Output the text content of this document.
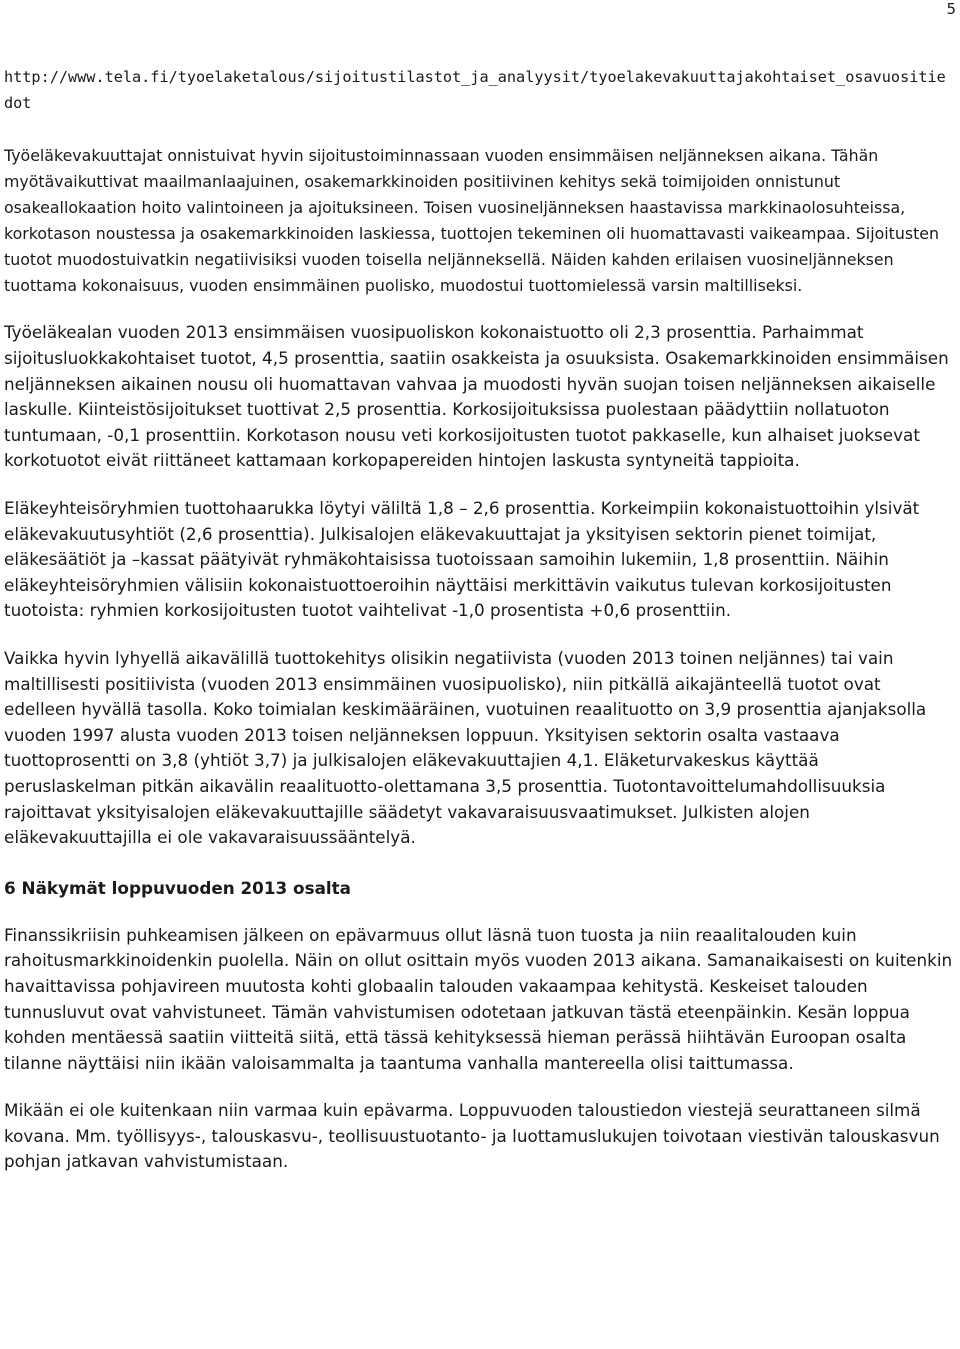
5
http://www.tela.fi/tyoelaketalous/sijoitustilastot_ja_analyysit/tyoelakevakuuttajakohtaiset_osavuositiedot

Työeläkevakuuttajat onnistuivat hyvin sijoitustoiminnassaan vuoden ensimmäisen neljänneksen aikana. Tähän myötävaikuttivat maailmanlaajuinen, osakemarkkinoiden positiivinen kehitys sekä toimijoiden onnistunut osakeallokaation hoito valintoineen ja ajoituksineen. Toisen vuosineljänneksen haastavissa markkinaolosuhteissa, korkotason noustessa ja osakemarkkinoiden laskiessa, tuottojen tekeminen oli huomattavasti vaikeampaa. Sijoitusten tuotot muodostuivatkin negatiivisiksi vuoden toisella neljänneksellä. Näiden kahden erilaisen vuosineljänneksen tuottama kokonaisuus, vuoden ensimmäinen puolisko, muodostui tuottomielessä varsin maltilliseksi.

Työeläkealan vuoden 2013 ensimmäisen vuosipuoliskon kokonaistuotto oli 2,3 prosenttia. Parhaimmat sijoitusluokkakohtaiset tuotot, 4,5 prosenttia, saatiin osakkeista ja osuuksista. Osakemarkkinoiden ensimmäisen neljänneksen aikainen nousu oli huomattavan vahvaa ja muodosti hyvän suojan toisen neljänneksen aikaiselle laskulle. Kiinteistösijoitukset tuottivat 2,5 prosenttia. Korkosijoituksissa puolestaan päädyttiin nollatuoton tuntumaan, -0,1 prosenttiin. Korkotason nousu veti korkosijoitusten tuotot pakkaselle, kun alhaiset juoksevat korkotuotot eivät riittäneet kattamaan korkopapereiden hintojen laskusta syntyneitä tappioita.

Eläkeyhteisöryhmien tuottohaarukka löytyi väliltä 1,8 – 2,6 prosenttia. Korkeimpiin kokonaistuottoihin ylsivät eläkevakuutusyhtiöt (2,6 prosenttia). Julkisalojen eläkevakuuttajat ja yksityisen sektorin pienet toimijat, eläkesäätiöt ja –kassat päätyivät ryhmäkohtaisissa tuotoissaan samoihin lukemiin, 1,8 prosenttiin. Näihin eläkeyhteisöryhmien välisiin kokonaistuottoeroihin näyttäisi merkittävin vaikutus tulevan korkosijoitusten tuotoista: ryhmien korkosijoitusten tuotot vaihtelivat -1,0 prosentista +0,6 prosenttiin.

Vaikka hyvin lyhyellä aikavälillä tuottokehitys olisikin negatiivista (vuoden 2013 toinen neljännes) tai vain maltillisesti positiivista (vuoden 2013 ensimmäinen vuosipuolisko), niin pitkällä aikajänteellä tuotot ovat edelleen hyvällä tasolla. Koko toimialan keskimääräinen, vuotuinen reaalituotto on 3,9 prosenttia ajanjaksolla vuoden 1997 alusta vuoden 2013 toisen neljänneksen loppuun. Yksityisen sektorin osalta vastaava tuottoprosentti on 3,8 (yhtiöt 3,7) ja julkisalojen eläkevakuuttajien 4,1. Eläketurvakeskus käyttää peruslaskelman pitkän aikavälin reaalituotto-olettamana 3,5 prosenttia. Tuotontavoittelumahdollisuuksia rajoittavat yksityisalojen eläkevakuuttajille säädetyt vakavaraisuusvaatimukset. Julkisten alojen eläkevakuuttajilla ei ole vakavaraisuussääntelyä.

6 Näkymät loppuvuoden 2013 osalta

Finanssikriisin puhkeamisen jälkeen on epävarmuus ollut läsnä tuon tuosta ja niin reaalitalouden kuin rahoitusmarkkinoidenkin puolella. Näin on ollut osittain myös vuoden 2013 aikana. Samanaikaisesti on kuitenkin havaittavissa pohjavireen muutosta kohti globaalin talouden vakaampaa kehitystä. Keskeiset talouden tunnusluvut ovat vahvistuneet. Tämän vahvistumisen odotetaan jatkuvan tästä eteenpäinkin. Kesän loppua kohden mentäessä saatiin viitteitä siitä, että tässä kehityksessä hieman perässä hiihtävän Euroopan osalta tilanne näyttäisi niin ikään valoisammalta ja taantuma vanhalla mantereella olisi taittumassa.

Mikään ei ole kuitenkaan niin varmaa kuin epävarma. Loppuvuoden taloustiedon viestejä seurattaneen silmä kovana. Mm. työllisyys-, talouskasvu-, teollisuustuotanto- ja luottamuslukujen toivotaan viestivän talouskasvun pohjan jatkavan vahvistumistaan.
